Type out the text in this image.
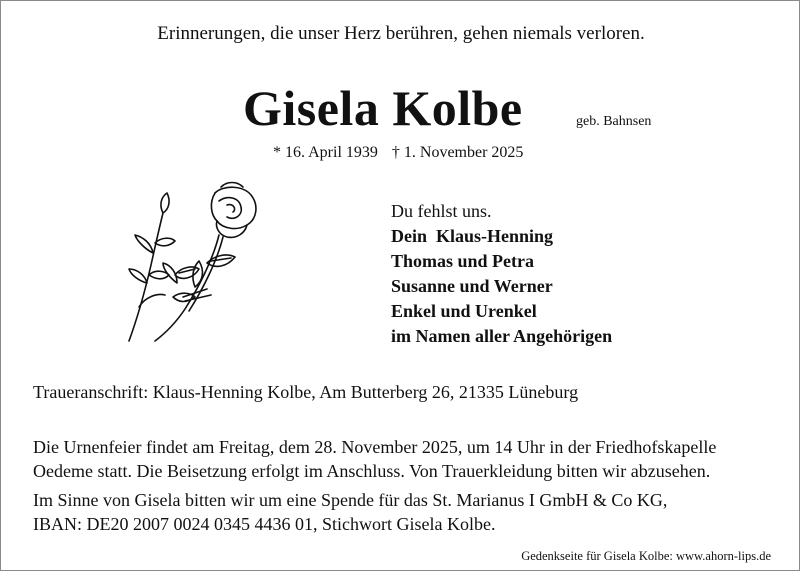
Erinnerungen, die unser Herz berühren, gehen niemals verloren.
Gisela Kolbe	geb. Bahnsen
* 16. April 1939 † 1. November 2025
Du fehlst uns.
Dein  Klaus-Henning
Thomas und Petra
Susanne und Werner
Enkel und Urenkel
im Namen aller Angehörigen
Traueranschrift: Klaus-Henning Kolbe, Am Butterberg 26, 21335 Lüneburg
Die Urnenfeier findet am Freitag, dem 28. November 2025, um 14 Uhr in der Friedhofskapelle
Oedeme statt. Die Beisetzung erfolgt im Anschluss. Von Trauerkleidung bitten wir abzusehen.
Im Sinne von Gisela bitten wir um eine Spende für das St. Marianus I GmbH & Co KG,
IBAN: DE20 2007 0024 0345 4436 01, Stichwort Gisela Kolbe.
Gedenkseite für Gisela Kolbe: www.ahorn-lips.de
